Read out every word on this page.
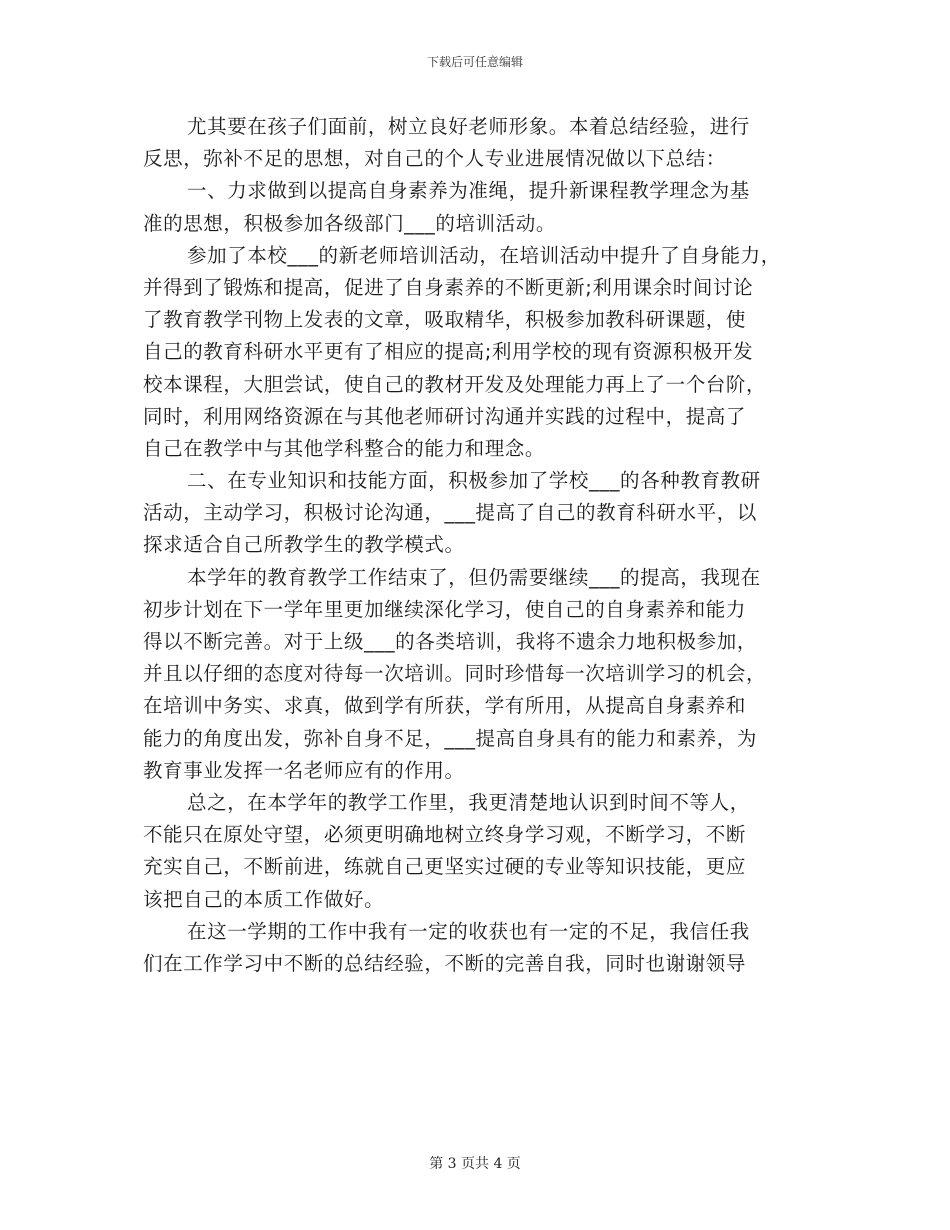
下载后可任意编辑
尤其要在孩子们面前，树立良好老师形象。本着总结经验，进行
反思，弥补不足的思想，对自己的个人专业进展情况做以下总结：
一、力求做到以提高自身素养为准绳，提升新课程教学理念为基
准的思想，积极参加各级部门___的培训活动。
参加了本校___的新老师培训活动，在培训活动中提升了自身能力，
并得到了锻炼和提高，促进了自身素养的不断更新;利用课余时间讨论
了教育教学刊物上发表的文章，吸取精华，积极参加教科研课题，使
自己的教育科研水平更有了相应的提高;利用学校的现有资源积极开发
校本课程，大胆尝试，使自己的教材开发及处理能力再上了一个台阶，
同时，利用网络资源在与其他老师研讨沟通并实践的过程中，提高了
自己在教学中与其他学科整合的能力和理念。
二、在专业知识和技能方面，积极参加了学校___的各种教育教研
活动，主动学习，积极讨论沟通，___提高了自己的教育科研水平，以
探求适合自己所教学生的教学模式。
本学年的教育教学工作结束了，但仍需要继续___的提高，我现在
初步计划在下一学年里更加继续深化学习，使自己的自身素养和能力
得以不断完善。对于上级___的各类培训，我将不遗余力地积极参加，
并且以仔细的态度对待每一次培训。同时珍惜每一次培训学习的机会，
在培训中务实、求真，做到学有所获，学有所用，从提高自身素养和
能力的角度出发，弥补自身不足，___提高自身具有的能力和素养，为
教育事业发挥一名老师应有的作用。
总之，在本学年的教学工作里，我更清楚地认识到时间不等人，
不能只在原处守望，必须更明确地树立终身学习观，不断学习，不断
充实自己，不断前进，练就自己更坚实过硬的专业等知识技能，更应
该把自己的本质工作做好。
在这一学期的工作中我有一定的收获也有一定的不足，我信任我
们在工作学习中不断的总结经验，不断的完善自我，同时也谢谢领导
第 3 页共 4 页
